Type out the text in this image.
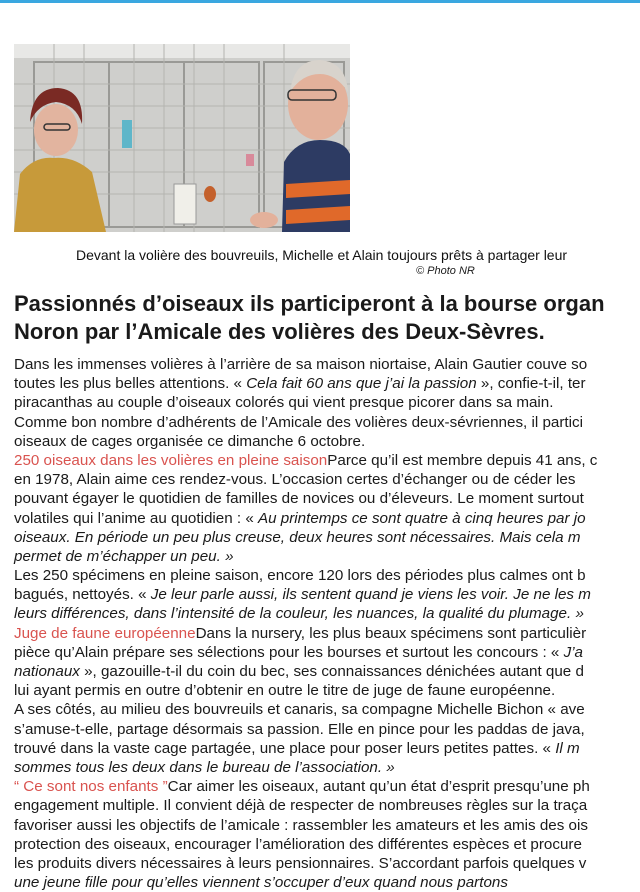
Devant la volière des bouvreuils, Michelle et Alain toujours prêts à partager leur
© Photo NR
Passionnés d’oiseaux ils participeront à la bourse organ
Noron par l’Amicale des volières des Deux-Sèvres.
Dans les immenses volières à l’arrière de sa maison niortaise, Alain Gautier couve so
toutes les plus belles attentions. « Cela fait 60 ans que j’ai la passion », confie-t-il, ter
piracanthas au couple d’oiseaux colorés qui vient presque picorer dans sa main.
Comme bon nombre d’adhérents de l’Amicale des volières deux-sévriennes, il partici
oiseaux de cages organisée ce dimanche 6 octobre.
250 oiseaux dans les volières en pleine saisonParce qu’il est membre depuis 41 ans, c
en 1978, Alain aime ces rendez-vous. L’occasion certes d’échanger ou de céder les
pouvant égayer le quotidien de familles de novices ou d’éleveurs. Le moment surtout
volatiles qui l’anime au quotidien : « Au printemps ce sont quatre à cinq heures par jo
oiseaux. En période un peu plus creuse, deux heures sont nécessaires. Mais cela m
permet de m’échapper un peu. »
Les 250 spécimens en pleine saison, encore 120 lors des périodes plus calmes ont b
bagués, nettoyés. « Je leur parle aussi, ils sentent quand je viens les voir. Je ne les m
leurs différences, dans l’intensité de la couleur, les nuances, la qualité du plumage. »
Juge de faune européenneDans la nursery, les plus beaux spécimens sont particulièr
pièce qu’Alain prépare ses sélections pour les bourses et surtout les concours : « J’a
nationaux », gazouille-t-il du coin du bec, ses connaissances dénichées autant que d
lui ayant permis en outre d’obtenir en outre le titre de juge de faune européenne.
A ses côtés, au milieu des bouvreuils et canaris, sa compagne Michelle Bichon « ave
s’amuse-t-elle, partage désormais sa passion. Elle en pince pour les paddas de java,
trouvé dans la vaste cage partagée, une place pour poser leurs petites pattes. « Il m
sommes tous les deux dans le bureau de l’association. »
“ Ce sont nos enfants ”Car aimer les oiseaux, autant qu’un état d’esprit presqu’une ph
engagement multiple. Il convient déjà de respecter de nombreuses règles sur la traça
favoriser aussi les objectifs de l’amicale : rassembler les amateurs et les amis des ois
protection des oiseaux, encourager l’amélioration des différentes espèces et procure
les produits divers nécessaires à leurs pensionnaires. S’accordant parfois quelques v
une jeune fille pour qu’elles viennent s’occuper d’eux quand nous partons
